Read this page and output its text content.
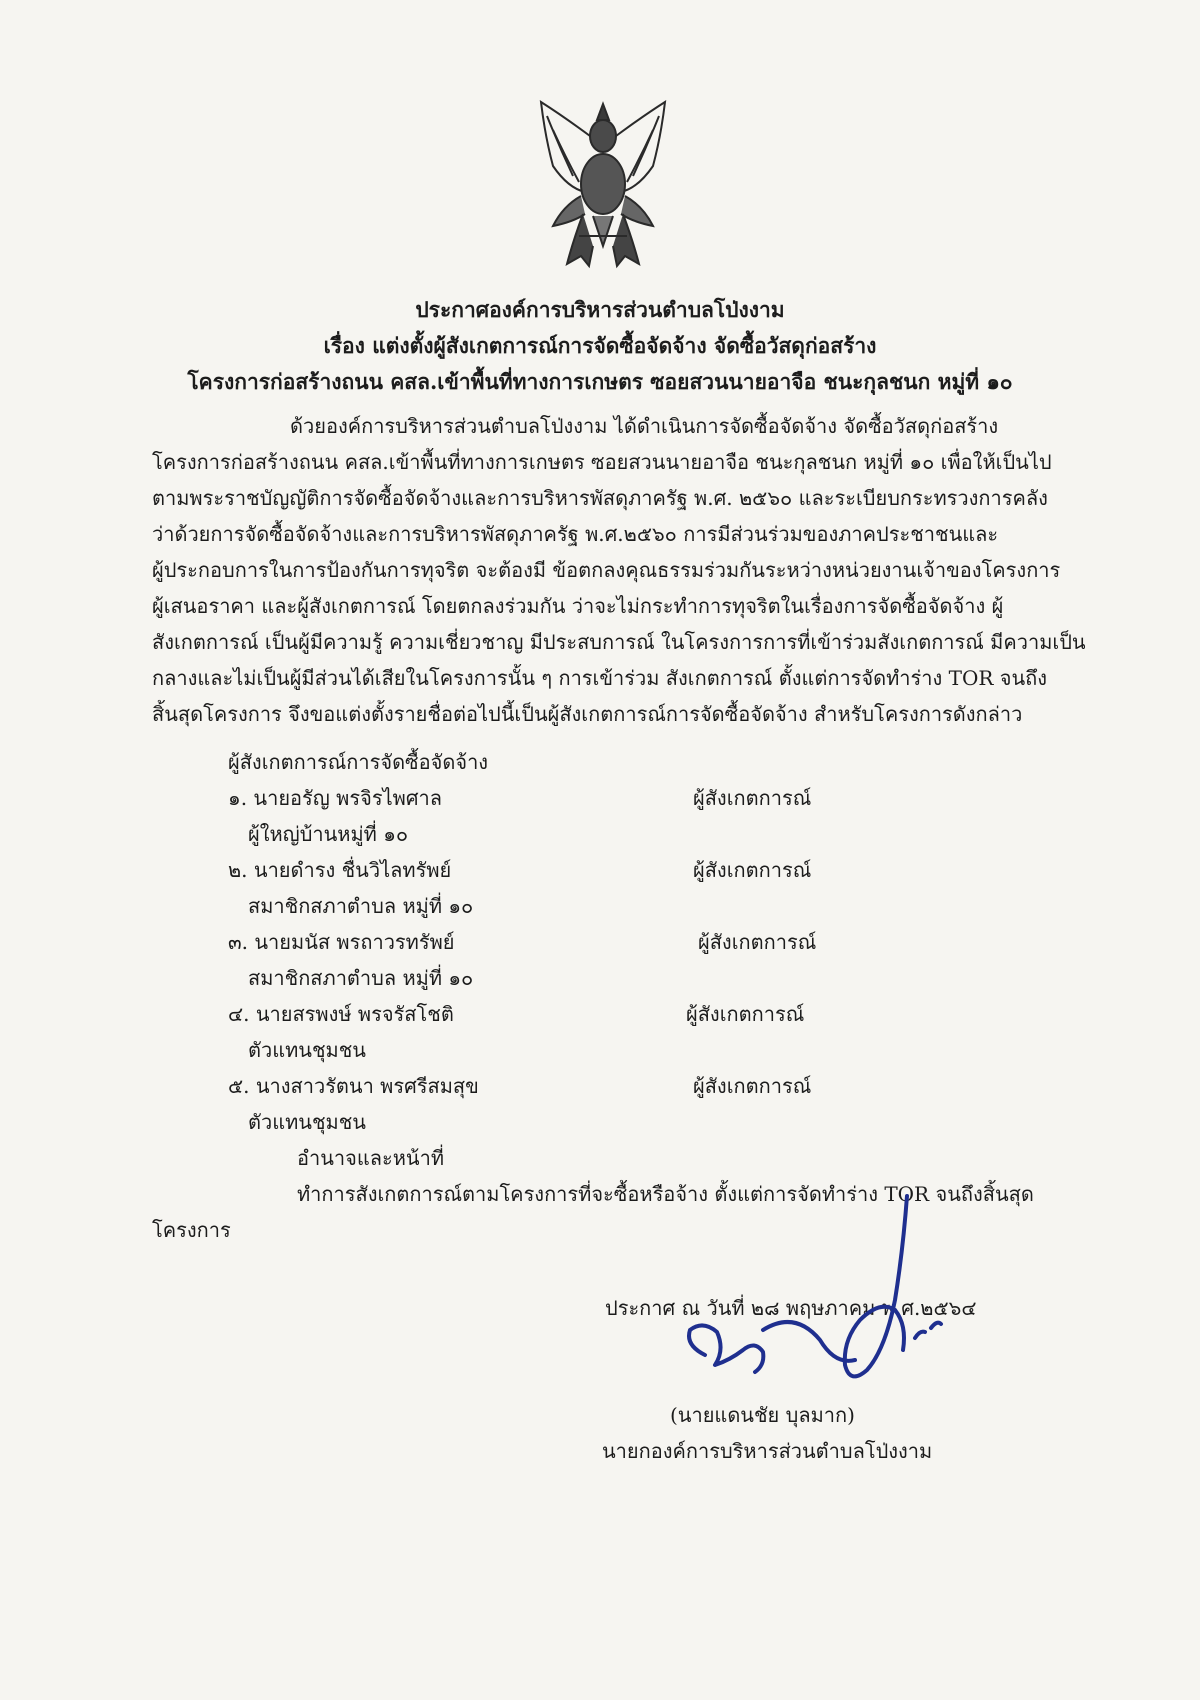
ประกาศองค์การบริหารส่วนตำบลโป่งงาม
เรื่อง แต่งตั้งผู้สังเกตการณ์การจัดซื้อจัดจ้าง จัดซื้อวัสดุก่อสร้าง
โครงการก่อสร้างถนน คสล.เข้าพื้นที่ทางการเกษตร ซอยสวนนายอาจือ ชนะกุลชนก หมู่ที่ ๑๐

ด้วยองค์การบริหารส่วนตำบลโป่งงาม ได้ดำเนินการจัดซื้อจัดจ้าง จัดซื้อวัสดุก่อสร้าง

โครงการก่อสร้างถนน คสล.เข้าพื้นที่ทางการเกษตร ซอยสวนนายอาจือ ชนะกุลชนก หมู่ที่ ๑๐ เพื่อให้เป็นไป

ตามพระราชบัญญัติการจัดซื้อจัดจ้างและการบริหารพัสดุภาครัฐ พ.ศ. ๒๕๖๐ และระเบียบกระทรวงการคลัง

ว่าด้วยการจัดซื้อจัดจ้างและการบริหารพัสดุภาครัฐ พ.ศ.๒๕๖๐ การมีส่วนร่วมของภาคประชาชนและ

ผู้ประกอบการในการป้องกันการทุจริต จะต้องมี ข้อตกลงคุณธรรมร่วมกันระหว่างหน่วยงานเจ้าของโครงการ

ผู้เสนอราคา และผู้สังเกตการณ์ โดยตกลงร่วมกัน ว่าจะไม่กระทำการทุจริตในเรื่องการจัดซื้อจัดจ้าง ผู้

สังเกตการณ์ เป็นผู้มีความรู้ ความเชี่ยวชาญ มีประสบการณ์ ในโครงการการที่เข้าร่วมสังเกตการณ์ มีความเป็น

กลางและไม่เป็นผู้มีส่วนได้เสียในโครงการนั้น ๆ การเข้าร่วม สังเกตการณ์ ตั้งแต่การจัดทำร่าง TOR จนถึง

สิ้นสุดโครงการ จึงขอแต่งตั้งรายชื่อต่อไปนี้เป็นผู้สังเกตการณ์การจัดซื้อจัดจ้าง สำหรับโครงการดังกล่าว

ผู้สังเกตการณ์การจัดซื้อจัดจ้าง
๑. นายอรัญ พรจิรไพศาล	ผู้สังเกตการณ์
ผู้ใหญ่บ้านหมู่ที่ ๑๐
๒. นายดำรง ชื่นวิไลทรัพย์	ผู้สังเกตการณ์
สมาชิกสภาตำบล หมู่ที่ ๑๐
๓. นายมนัส พรถาวรทรัพย์	ผู้สังเกตการณ์
สมาชิกสภาตำบล หมู่ที่ ๑๐
๔. นายสรพงษ์ พรจรัสโชติ	ผู้สังเกตการณ์
ตัวแทนชุมชน
๕. นางสาวรัตนา พรศรีสมสุข	ผู้สังเกตการณ์
ตัวแทนชุมชน

อำนาจและหน้าที่

ทำการสังเกตการณ์ตามโครงการที่จะซื้อหรือจ้าง ตั้งแต่การจัดทำร่าง TOR จนถึงสิ้นสุด

โครงการ

ประกาศ ณ วันที่ ๒๘ พฤษภาคม พ.ศ.๒๕๖๔
(นายแดนชัย บุลมาก)
นายกองค์การบริหารส่วนตำบลโป่งงาม
